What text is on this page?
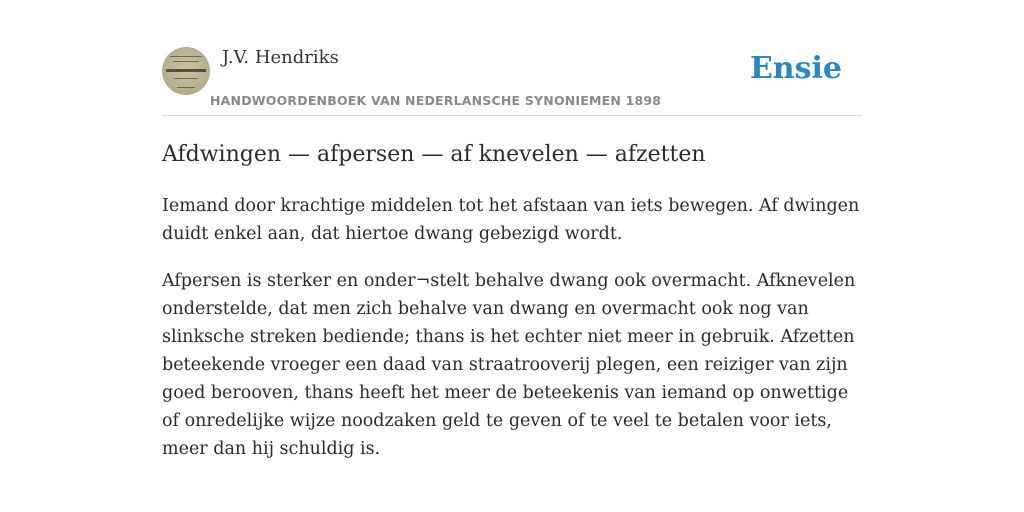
J.V. Hendriks
HANDWOORDENBOEK VAN NEDERLANSCHE SYNONIEMEN 1898
Ensie
Afdwingen — afpersen — af knevelen — afzetten

Iemand door krachtige middelen tot het afstaan van iets bewegen. Af dwingen duidt enkel aan, dat hiertoe dwang gebezigd wordt.

Afpersen is sterker en onder¬stelt behalve dwang ook overmacht. Afknevelen onderstelde, dat men zich behalve van dwang en overmacht ook nog van slinksche streken bediende; thans is het echter niet meer in gebruik. Afzetten beteekende vroeger een daad van straatrooverij plegen, een reiziger van zijn goed berooven, thans heeft het meer de beteekenis van iemand op onwettige of onredelijke wijze noodzaken geld te geven of te veel te betalen voor iets, meer dan hij schuldig is.
